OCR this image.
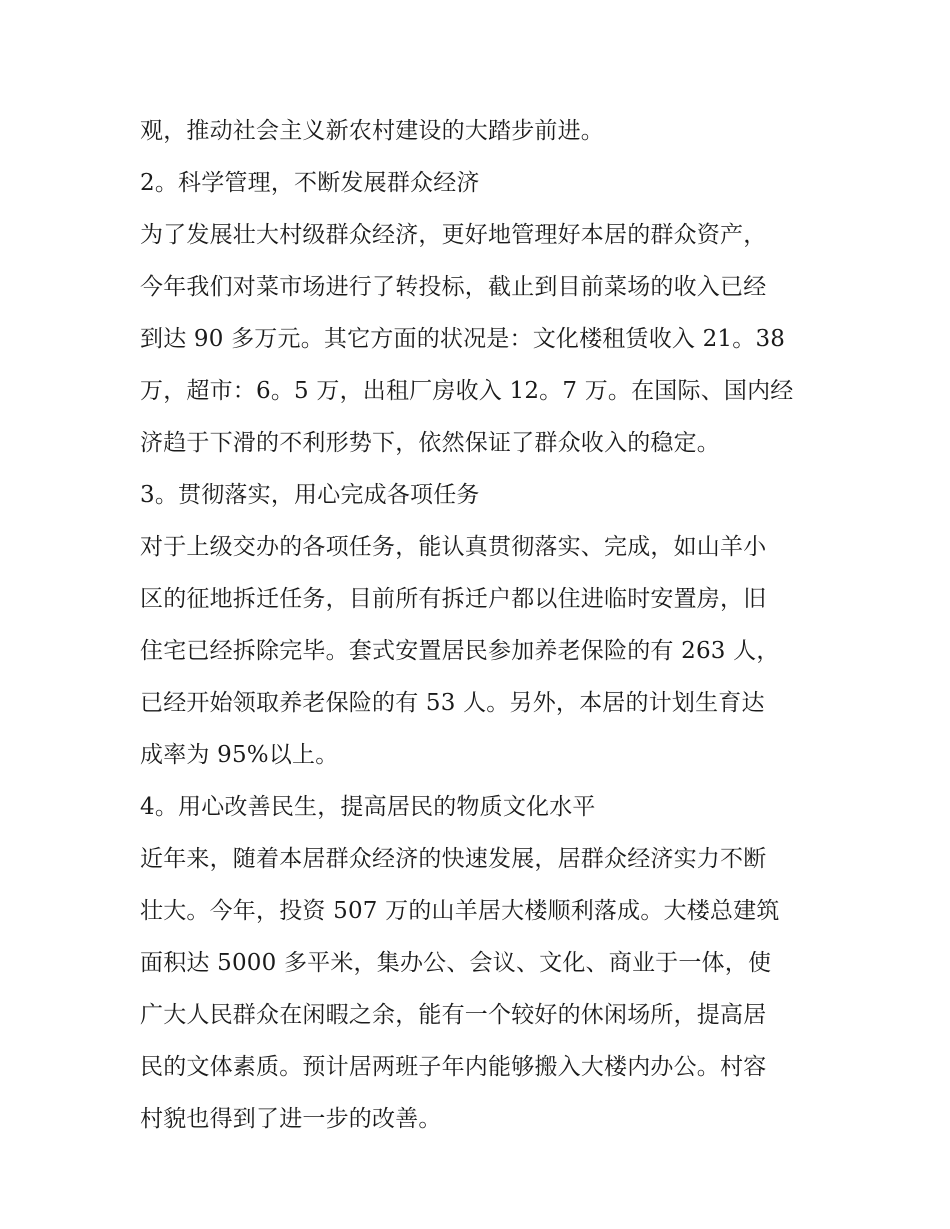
观，推动社会主义新农村建设的大踏步前进。
2。科学管理，不断发展群众经济
为了发展壮大村级群众经济，更好地管理好本居的群众资产，
今年我们对菜市场进行了转投标，截止到目前菜场的收入已经
到达 90 多万元。其它方面的状况是：文化楼租赁收入 21。38
万，超市：6。5 万，出租厂房收入 12。7 万。在国际、国内经
济趋于下滑的不利形势下，依然保证了群众收入的稳定。
3。贯彻落实，用心完成各项任务
对于上级交办的各项任务，能认真贯彻落实、完成，如山羊小
区的征地拆迁任务，目前所有拆迁户都以住进临时安置房，旧
住宅已经拆除完毕。套式安置居民参加养老保险的有 263 人，
已经开始领取养老保险的有 53 人。另外，本居的计划生育达
成率为 95%以上。
4。用心改善民生，提高居民的物质文化水平
近年来，随着本居群众经济的快速发展，居群众经济实力不断
壮大。今年，投资 507 万的山羊居大楼顺利落成。大楼总建筑
面积达 5000 多平米，集办公、会议、文化、商业于一体，使
广大人民群众在闲暇之余，能有一个较好的休闲场所，提高居
民的文体素质。预计居两班子年内能够搬入大楼内办公。村容
村貌也得到了进一步的改善。
